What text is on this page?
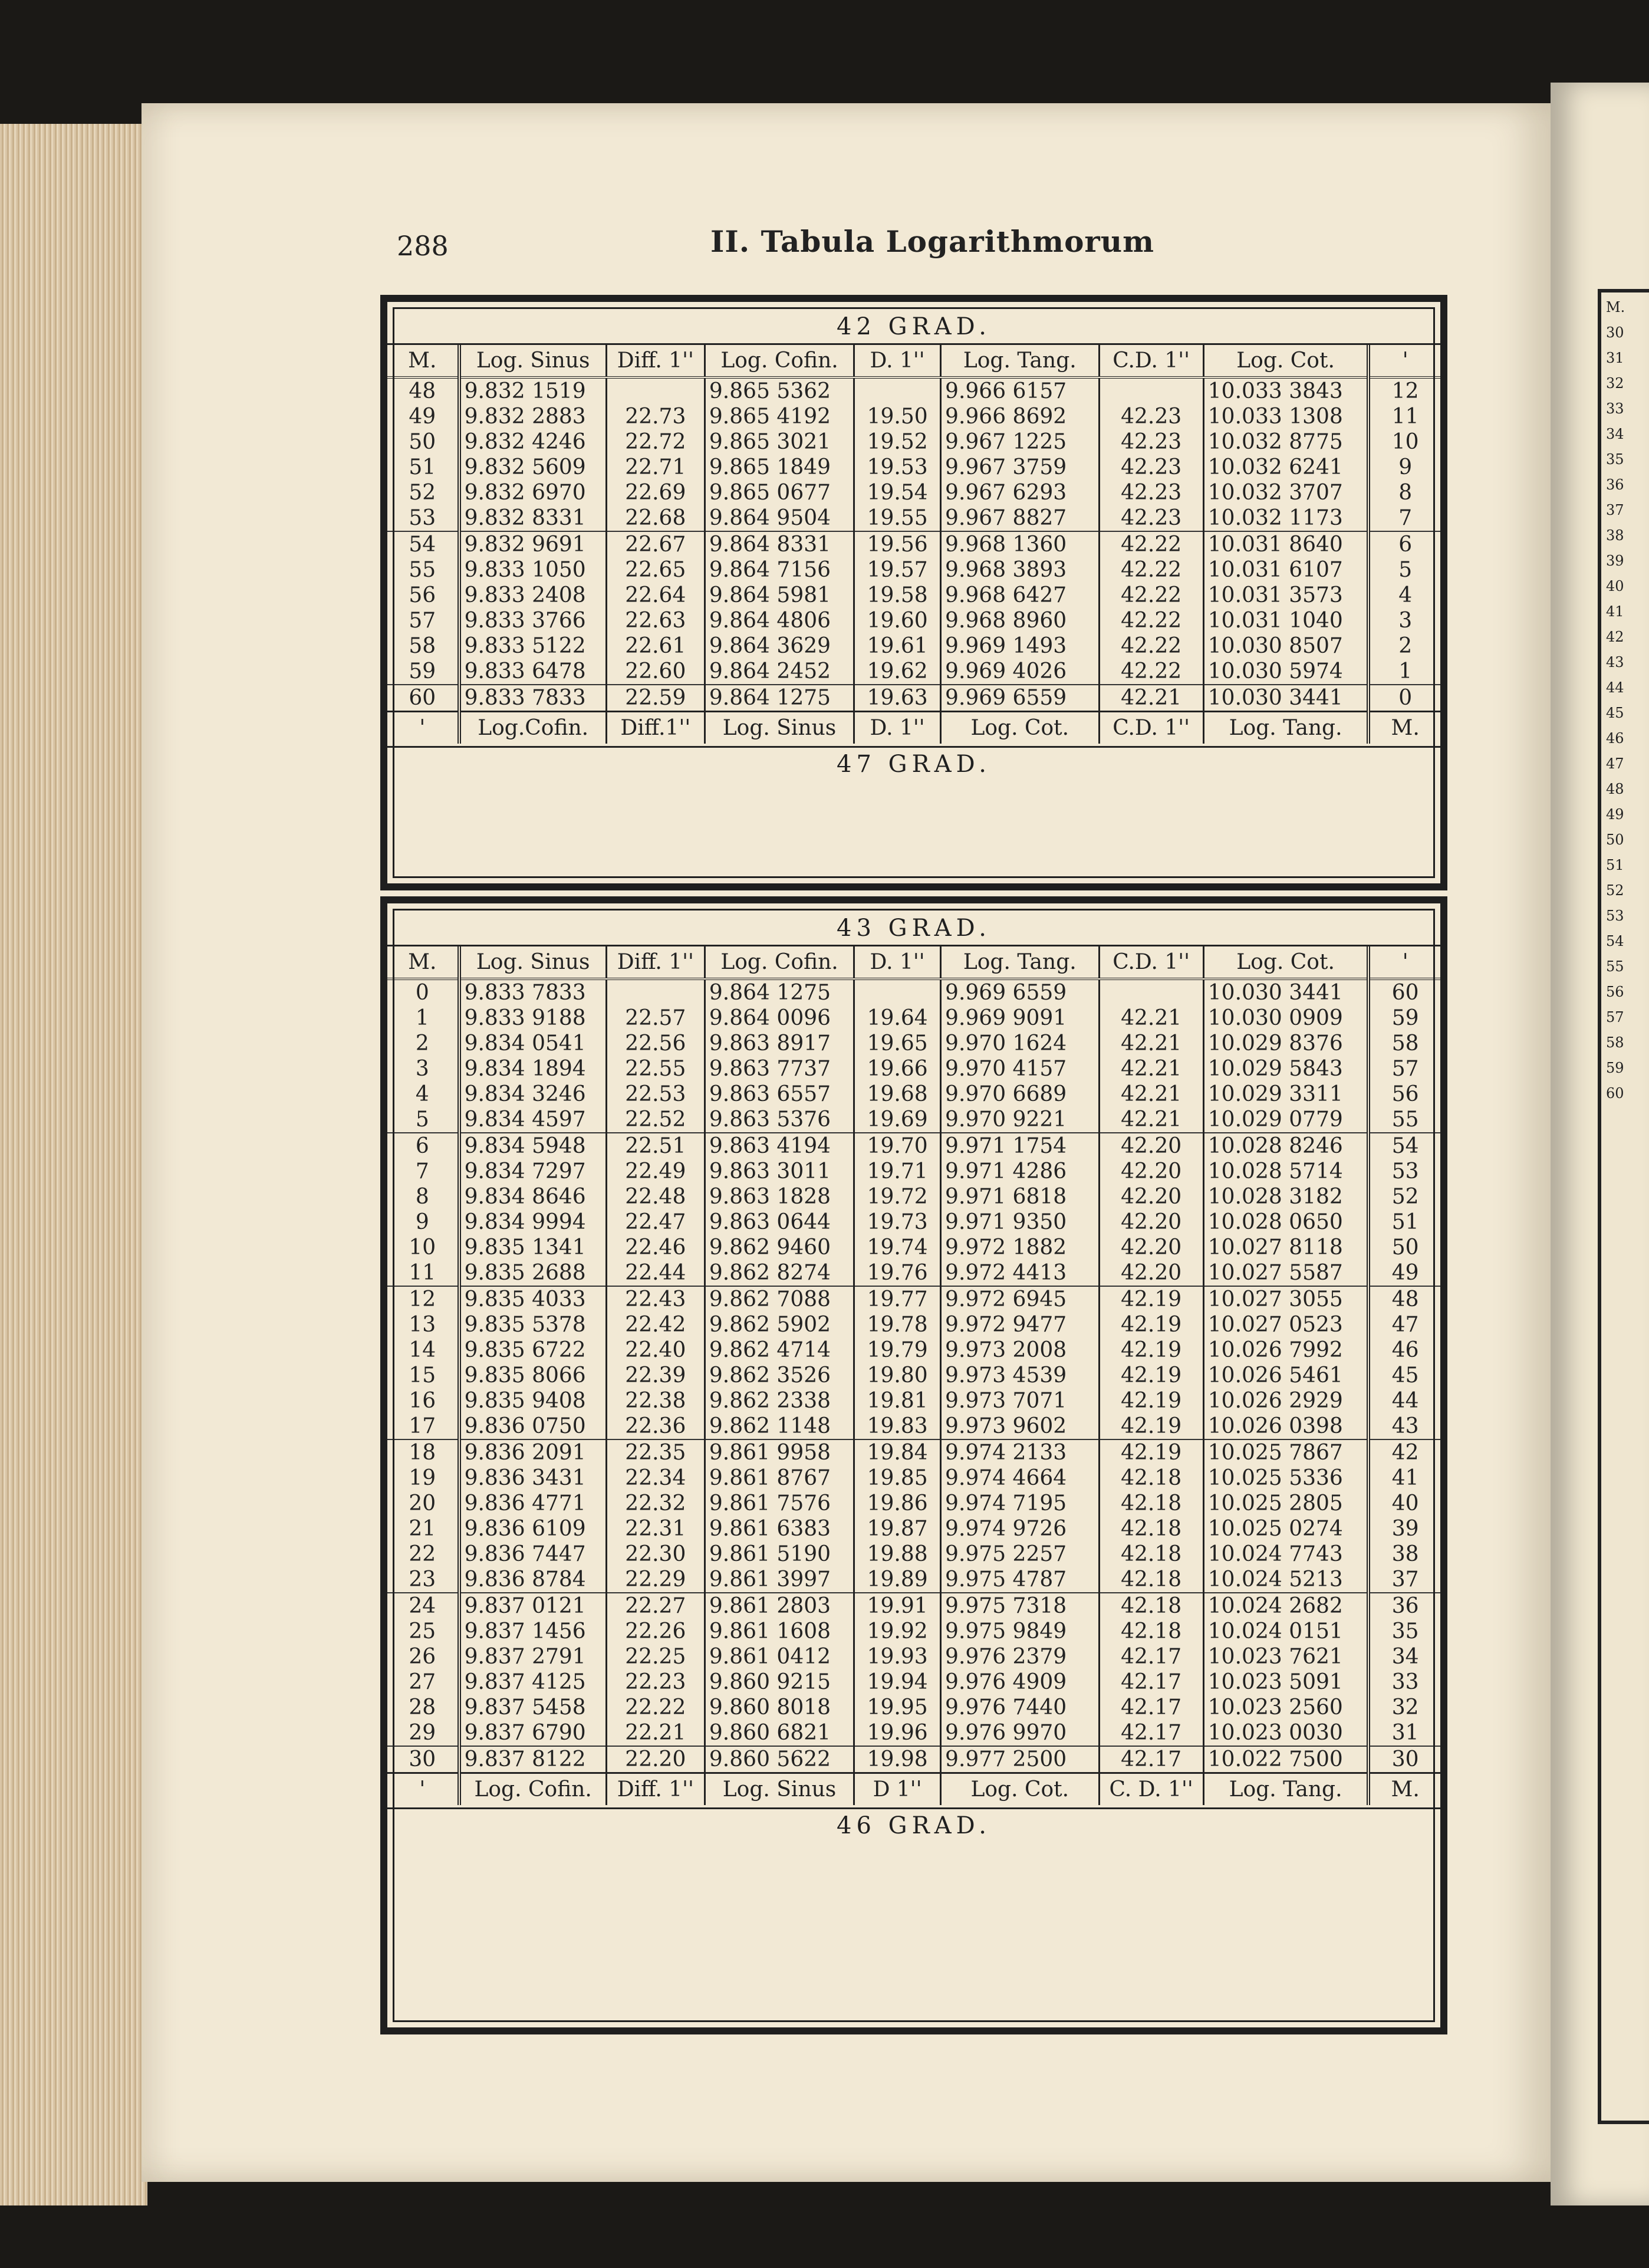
M.
30
31
32
33
34
35
36
37
38
39
40
41
42
43
44
45
46
47
48
49
50
51
52
53
54
55
56
57
58
59
60
288	II. Tabula Logarithmorum
42 GRAD.
M.	Log. Sinus	Diff. 1''	Log. Cofin.	D. 1''	Log. Tang.	C.D. 1''	Log. Cot.	'
48	9.832 1519		9.865 5362		9.966 6157		10.033 3843	12
49	9.832 2883	22.73	9.865 4192	19.50	9.966 8692	42.23	10.033 1308	11
50	9.832 4246	22.72	9.865 3021	19.52	9.967 1225	42.23	10.032 8775	10
51	9.832 5609	22.71	9.865 1849	19.53	9.967 3759	42.23	10.032 6241	9
52	9.832 6970	22.69	9.865 0677	19.54	9.967 6293	42.23	10.032 3707	8
53	9.832 8331	22.68	9.864 9504	19.55	9.967 8827	42.23	10.032 1173	7
54	9.832 9691	22.67	9.864 8331	19.56	9.968 1360	42.22	10.031 8640	6
55	9.833 1050	22.65	9.864 7156	19.57	9.968 3893	42.22	10.031 6107	5
56	9.833 2408	22.64	9.864 5981	19.58	9.968 6427	42.22	10.031 3573	4
57	9.833 3766	22.63	9.864 4806	19.60	9.968 8960	42.22	10.031 1040	3
58	9.833 5122	22.61	9.864 3629	19.61	9.969 1493	42.22	10.030 8507	2
59	9.833 6478	22.60	9.864 2452	19.62	9.969 4026	42.22	10.030 5974	1
60	9.833 7833	22.59	9.864 1275	19.63	9.969 6559	42.21	10.030 3441	0
'	Log.Cofin.	Diff.1''	Log. Sinus	D. 1''	Log. Cot.	C.D. 1''	Log. Tang.	M.
47 GRAD.
43 GRAD.
M.	Log. Sinus	Diff. 1''	Log. Cofin.	D. 1''	Log. Tang.	C.D. 1''	Log. Cot.	'
0	9.833 7833		9.864 1275		9.969 6559		10.030 3441	60
1	9.833 9188	22.57	9.864 0096	19.64	9.969 9091	42.21	10.030 0909	59
2	9.834 0541	22.56	9.863 8917	19.65	9.970 1624	42.21	10.029 8376	58
3	9.834 1894	22.55	9.863 7737	19.66	9.970 4157	42.21	10.029 5843	57
4	9.834 3246	22.53	9.863 6557	19.68	9.970 6689	42.21	10.029 3311	56
5	9.834 4597	22.52	9.863 5376	19.69	9.970 9221	42.21	10.029 0779	55
6	9.834 5948	22.51	9.863 4194	19.70	9.971 1754	42.20	10.028 8246	54
7	9.834 7297	22.49	9.863 3011	19.71	9.971 4286	42.20	10.028 5714	53
8	9.834 8646	22.48	9.863 1828	19.72	9.971 6818	42.20	10.028 3182	52
9	9.834 9994	22.47	9.863 0644	19.73	9.971 9350	42.20	10.028 0650	51
10	9.835 1341	22.46	9.862 9460	19.74	9.972 1882	42.20	10.027 8118	50
11	9.835 2688	22.44	9.862 8274	19.76	9.972 4413	42.20	10.027 5587	49
12	9.835 4033	22.43	9.862 7088	19.77	9.972 6945	42.19	10.027 3055	48
13	9.835 5378	22.42	9.862 5902	19.78	9.972 9477	42.19	10.027 0523	47
14	9.835 6722	22.40	9.862 4714	19.79	9.973 2008	42.19	10.026 7992	46
15	9.835 8066	22.39	9.862 3526	19.80	9.973 4539	42.19	10.026 5461	45
16	9.835 9408	22.38	9.862 2338	19.81	9.973 7071	42.19	10.026 2929	44
17	9.836 0750	22.36	9.862 1148	19.83	9.973 9602	42.19	10.026 0398	43
18	9.836 2091	22.35	9.861 9958	19.84	9.974 2133	42.19	10.025 7867	42
19	9.836 3431	22.34	9.861 8767	19.85	9.974 4664	42.18	10.025 5336	41
20	9.836 4771	22.32	9.861 7576	19.86	9.974 7195	42.18	10.025 2805	40
21	9.836 6109	22.31	9.861 6383	19.87	9.974 9726	42.18	10.025 0274	39
22	9.836 7447	22.30	9.861 5190	19.88	9.975 2257	42.18	10.024 7743	38
23	9.836 8784	22.29	9.861 3997	19.89	9.975 4787	42.18	10.024 5213	37
24	9.837 0121	22.27	9.861 2803	19.91	9.975 7318	42.18	10.024 2682	36
25	9.837 1456	22.26	9.861 1608	19.92	9.975 9849	42.18	10.024 0151	35
26	9.837 2791	22.25	9.861 0412	19.93	9.976 2379	42.17	10.023 7621	34
27	9.837 4125	22.23	9.860 9215	19.94	9.976 4909	42.17	10.023 5091	33
28	9.837 5458	22.22	9.860 8018	19.95	9.976 7440	42.17	10.023 2560	32
29	9.837 6790	22.21	9.860 6821	19.96	9.976 9970	42.17	10.023 0030	31
30	9.837 8122	22.20	9.860 5622	19.98	9.977 2500	42.17	10.022 7500	30
'	Log. Cofin.	Diff. 1''	Log. Sinus	D 1''	Log. Cot.	C. D. 1''	Log. Tang.	M.
46 GRAD.
